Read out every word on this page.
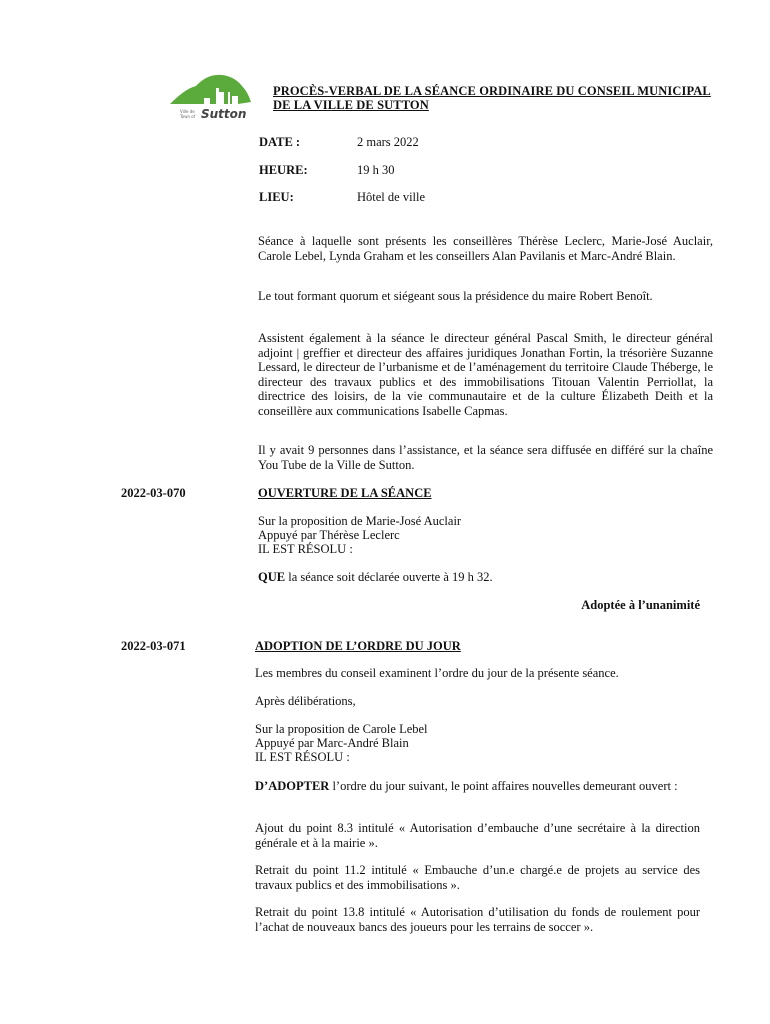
Ville de
Town of Sutton
PROCÈS-VERBAL DE LA SÉANCE ORDINAIRE DU CONSEIL MUNICIPAL DE LA VILLE DE SUTTON
DATE :	2 mars 2022
HEURE:	19 h 30
LIEU:	Hôtel de ville
Séance à laquelle sont présents les conseillères Thérèse Leclerc, Marie-José Auclair, Carole Lebel, Lynda Graham et les conseillers Alan Pavilanis et Marc-André Blain.
Le tout formant quorum et siégeant sous la présidence du maire Robert Benoît.
Assistent également à la séance le directeur général Pascal Smith, le directeur général adjoint | greffier et directeur des affaires juridiques Jonathan Fortin, la trésorière Suzanne Lessard, le directeur de l’urbanisme et de l’aménagement du territoire Claude Théberge, le directeur des travaux publics et des immobilisations Titouan Valentin Perriollat, la directrice des loisirs, de la vie communautaire et de la culture Élizabeth Deith et la conseillère aux communications Isabelle Capmas.
Il y avait 9 personnes dans l’assistance, et la séance sera diffusée en différé sur la chaîne You Tube de la Ville de Sutton.
2022-03-070	OUVERTURE DE LA SÉANCE
Sur la proposition de Marie-José Auclair
Appuyé par Thérèse Leclerc
IL EST RÉSOLU :
QUE la séance soit déclarée ouverte à 19 h 32.
Adoptée à l’unanimité
2022-03-071	ADOPTION DE L’ORDRE DU JOUR
Les membres du conseil examinent l’ordre du jour de la présente séance.
Après délibérations,
Sur la proposition de Carole Lebel
Appuyé par Marc-André Blain
IL EST RÉSOLU :
D’ADOPTER l’ordre du jour suivant, le point affaires nouvelles demeurant ouvert :
Ajout du point 8.3 intitulé « Autorisation d’embauche d’une secrétaire à la direction générale et à la mairie ».
Retrait du point 11.2 intitulé « Embauche d’un.e chargé.e de projets au service des travaux publics et des immobilisations ».
Retrait du point 13.8 intitulé « Autorisation d’utilisation du fonds de roulement pour l’achat de nouveaux bancs des joueurs pour les terrains de soccer ».
